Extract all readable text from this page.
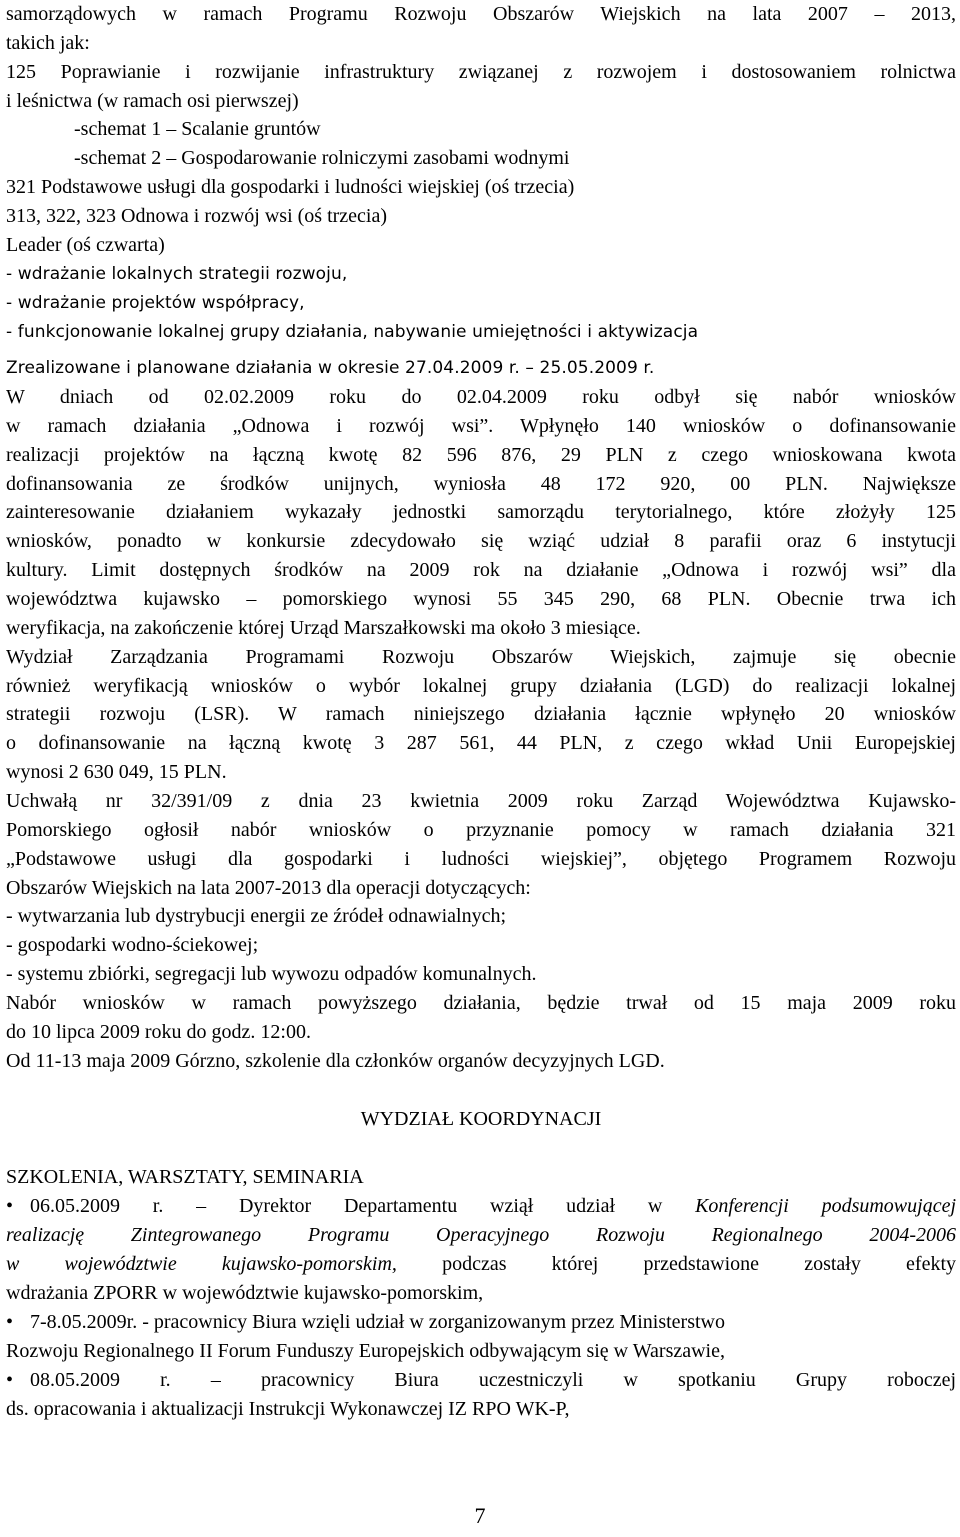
samorządowych w ramach Programu Rozwoju Obszarów Wiejskich na lata 2007 – 2013,
takich jak:
125 Poprawianie i rozwijanie infrastruktury związanej z rozwojem i dostosowaniem rolnictwa
i leśnictwa (w ramach osi pierwszej)
-schemat 1 – Scalanie gruntów
-schemat 2 – Gospodarowanie rolniczymi zasobami wodnymi
321 Podstawowe usługi dla gospodarki i ludności wiejskiej (oś trzecia)
313, 322, 323 Odnowa i rozwój wsi (oś trzecia)
Leader (oś czwarta)
- wdrażanie lokalnych strategii rozwoju,
- wdrażanie projektów współpracy,
- funkcjonowanie lokalnej grupy działania, nabywanie umiejętności i aktywizacja
Zrealizowane i planowane działania w okresie 27.04.2009 r. – 25.05.2009 r.
W dniach od 02.02.2009 roku do 02.04.2009 roku odbył się nabór wniosków
w ramach działania „Odnowa i rozwój wsi”. Wpłynęło 140 wniosków o dofinansowanie
realizacji projektów na łączną kwotę 82 596 876, 29 PLN z czego wnioskowana kwota
dofinansowania ze środków unijnych, wyniosła 48 172 920, 00 PLN. Największe
zainteresowanie działaniem wykazały jednostki samorządu terytorialnego, które złożyły 125
wniosków, ponadto w konkursie zdecydowało się wziąć udział 8 parafii oraz 6 instytucji
kultury. Limit dostępnych środków na 2009 rok na działanie „Odnowa i rozwój wsi” dla
województwa kujawsko – pomorskiego wynosi 55 345 290, 68 PLN. Obecnie trwa ich
weryfikacja, na zakończenie której Urząd Marszałkowski ma około 3 miesiące.
Wydział Zarządzania Programami Rozwoju Obszarów Wiejskich, zajmuje się obecnie
również weryfikacją wniosków o wybór lokalnej grupy działania (LGD) do realizacji lokalnej
strategii rozwoju (LSR). W ramach niniejszego działania łącznie wpłynęło 20 wniosków
o dofinansowanie na łączną kwotę 3 287 561, 44 PLN, z czego wkład Unii Europejskiej
wynosi 2 630 049, 15 PLN.
Uchwałą nr 32/391/09 z dnia 23 kwietnia 2009 roku Zarząd Województwa Kujawsko-
Pomorskiego ogłosił nabór wniosków o przyznanie pomocy w ramach działania 321
„Podstawowe usługi dla gospodarki i ludności wiejskiej”, objętego Programem Rozwoju
Obszarów Wiejskich na lata 2007-2013 dla operacji dotyczących:
- wytwarzania lub dystrybucji energii ze źródeł odnawialnych;
- gospodarki wodno-ściekowej;
- systemu zbiórki, segregacji lub wywozu odpadów komunalnych.
Nabór wniosków w ramach powyższego działania, będzie trwał od 15 maja 2009 roku
do 10 lipca 2009 roku do godz. 12:00.
Od 11-13 maja 2009 Górzno, szkolenie dla członków organów decyzyjnych LGD.
WYDZIAŁ KOORDYNACJI
SZKOLENIA, WARSZTATY, SEMINARIA
• 06.05.2009 r. – Dyrektor Departamentu wziął udział w Konferencji podsumowującej
realizację Zintegrowanego Programu Operacyjnego Rozwoju Regionalnego 2004-2006
w województwie kujawsko-pomorskim, podczas której przedstawione zostały efekty
wdrażania ZPORR w województwie kujawsko-pomorskim,
• 7-8.05.2009r. - pracownicy Biura wzięli udział w zorganizowanym przez Ministerstwo
Rozwoju Regionalnego II Forum Funduszy Europejskich odbywającym się w Warszawie,
• 08.05.2009 r. – pracownicy Biura uczestniczyli w spotkaniu Grupy roboczej
ds. opracowania i aktualizacji Instrukcji Wykonawczej IZ RPO WK-P,
7
